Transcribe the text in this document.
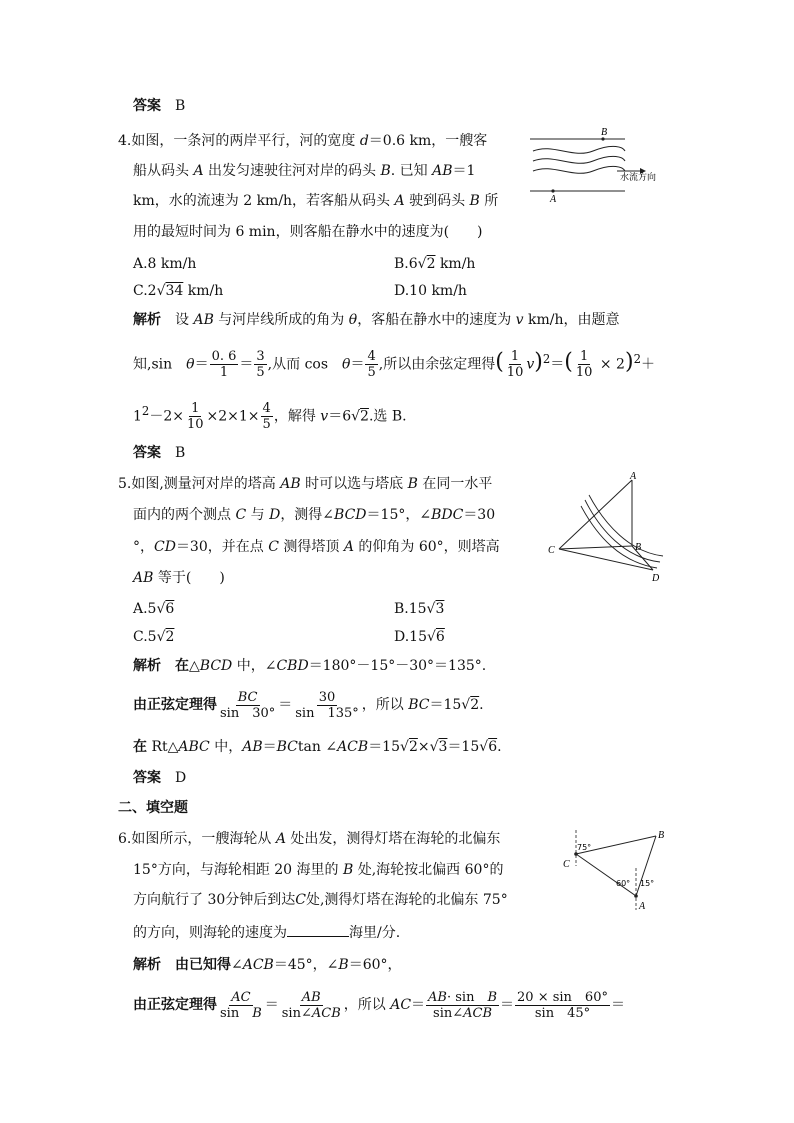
答案　B
4.如图，一条河的两岸平行，河的宽度 d＝0.6 km，一艘客
船从码头 A 出发匀速驶往河对岸的码头 B. 已知 AB＝1
km，水的流速为 2 km/h，若客船从码头 A 驶到码头 B 所
用的最短时间为 6 min，则客船在静水中的速度为(　　)
B
水流方向
A
A.8 km/h	B.6√2 km/h
C.2√34 km/h	D.10 km/h
解析　设 AB 与河岸线所成的角为 θ，客船在静水中的速度为 v km/h，由题意
知,sin　$\theta= \frac{0. 6}{1} = \frac{3}{5}$ ,从而 cos　$\theta= \frac{4}{5}$ ,所以由余弦定理得( $\frac{1}{10} v)^2=( \frac{1}{10} \times 2)^2+$
$1^2-2\times \frac{1}{10} \times 2\times 1\times \frac{4}{5}$ ，解得 v＝6√2.选 B.
答案　B
5.如图,测量河对岸的塔高 AB 时可以选与塔底 B 在同一水平
面内的两个测点 C 与 D，测得∠BCD＝15°，∠BDC＝30
°，CD＝30，并在点 C 测得塔顶 A 的仰角为 60°，则塔高
AB 等于(　　)
A
B
C
D
A.5√6	B.15√3
C.5√2	D.15√6
解析　 在△BCD 中，∠CBD＝180°－15°－30°＝135°.
由正弦定理得 $\frac{BC}{\sin 30^\circ} = \frac{30}{\sin 135^\circ}$ ，所以 BC＝15√2.
在 Rt△ABC 中，AB＝BCtan ∠ACB＝15√2×√3＝15√6.
答案　D
二、填空题
6.如图所示，一艘海轮从 A 处出发，测得灯塔在海轮的北偏东
15°方向，与海轮相距 20 海里的 B 处,海轮按北偏西 60°的
方向航行了 30分钟后到达C处,测得灯塔在海轮的北偏东 75°
的方向，则海轮的速度为	海里/分.
B
C
A
75°
60° 15°
解析　 由已知得∠ACB＝45°，∠B＝60°，
由正弦定理得 $\frac{AC}{\text{sin　B}} = \frac{AB}{\text{sin∠ACB}}$ ，所以 $AC= \frac{\text{AB· sin　B}}{\text{sin∠ACB}} = \frac{20 \times \sin 60^\circ}{\sin 45^\circ}$ ＝
